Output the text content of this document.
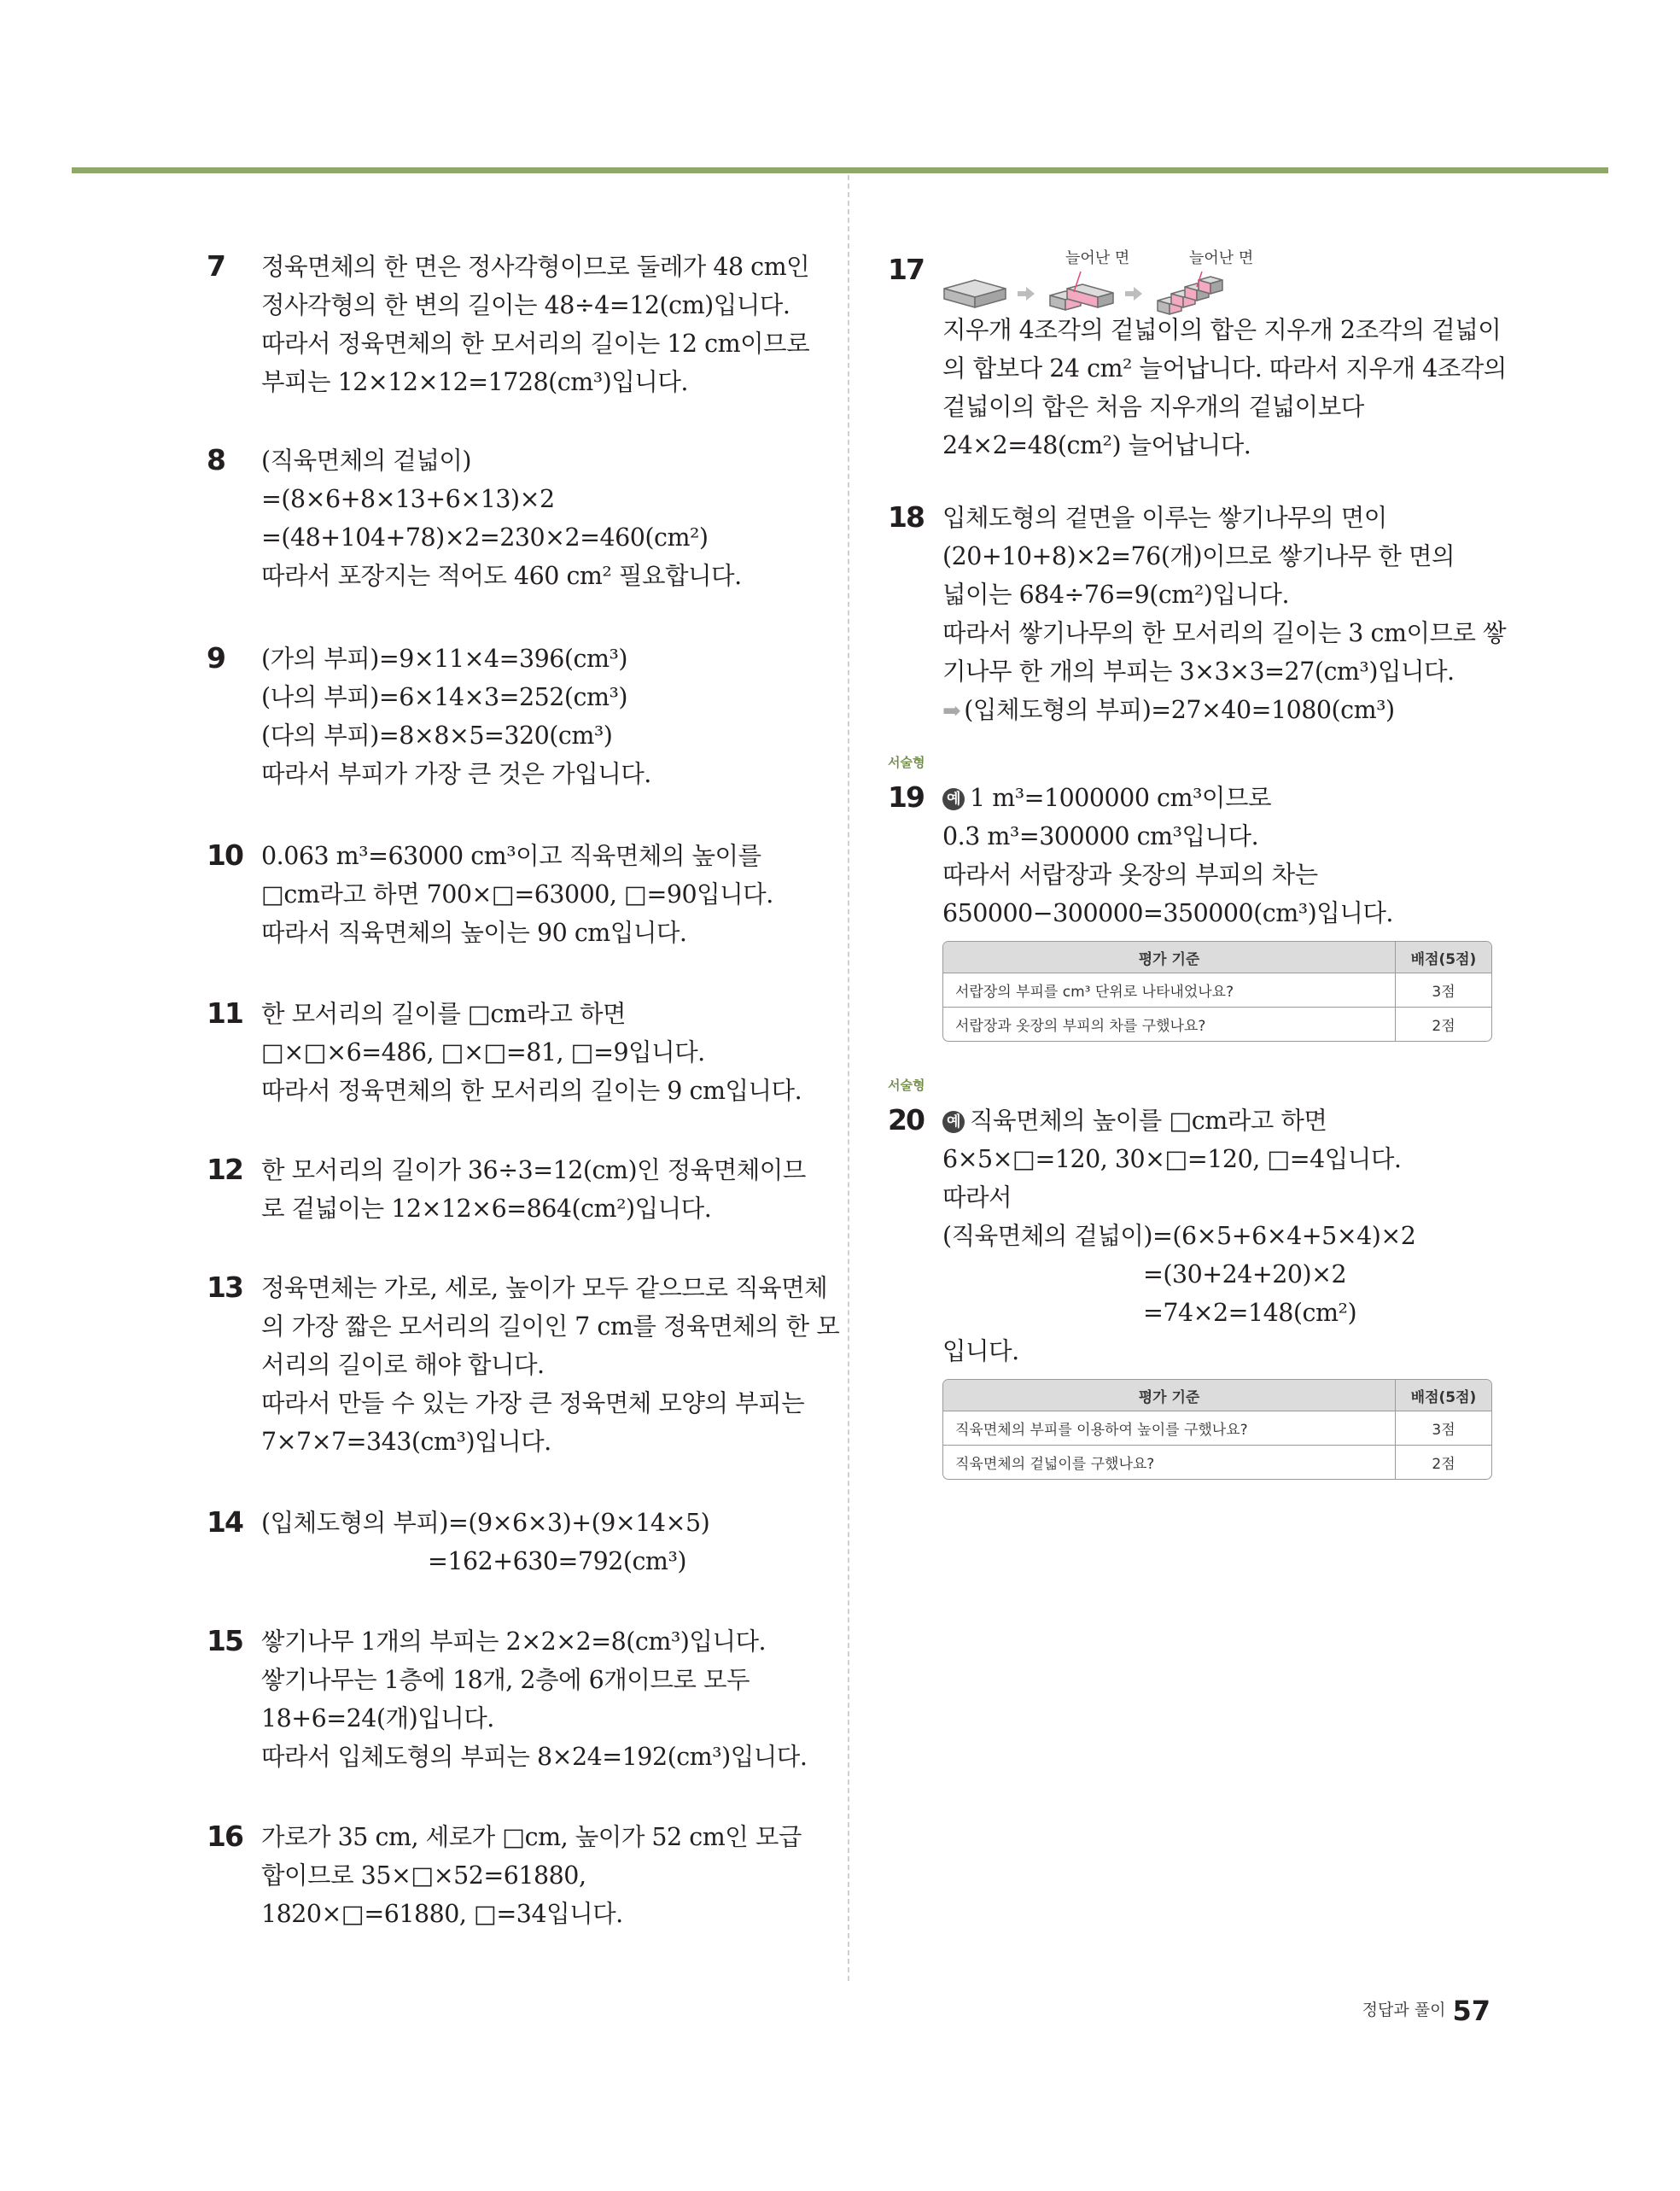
7 정육면체의 한 면은 정사각형이므로 둘레가 48 cm인
정사각형의 한 변의 길이는 48÷4=12(cm)입니다.
따라서 정육면체의 한 모서리의 길이는 12 cm이므로
부피는 12×12×12=1728(cm³)입니다.
8 (직육면체의 겉넓이)
=(8×6+8×13+6×13)×2
=(48+104+78)×2=230×2=460(cm²)
따라서 포장지는 적어도 460 cm² 필요합니다.
9 (가의 부피)=9×11×4=396(cm³)
(나의 부피)=6×14×3=252(cm³)
(다의 부피)=8×8×5=320(cm³)
따라서 부피가 가장 큰 것은 가입니다.
10 0.063 m³=63000 cm³이고 직육면체의 높이를
□cm라고 하면 700×□=63000, □=90입니다.
따라서 직육면체의 높이는 90 cm입니다.
11 한 모서리의 길이를 □cm라고 하면
□×□×6=486, □×□=81, □=9입니다.
따라서 정육면체의 한 모서리의 길이는 9 cm입니다.
12 한 모서리의 길이가 36÷3=12(cm)인 정육면체이므
로 겉넓이는 12×12×6=864(cm²)입니다.
13 정육면체는 가로, 세로, 높이가 모두 같으므로 직육면체
의 가장 짧은 모서리의 길이인 7 cm를 정육면체의 한 모
서리의 길이로 해야 합니다.
따라서 만들 수 있는 가장 큰 정육면체 모양의 부피는
7×7×7=343(cm³)입니다.
14 (입체도형의 부피)=(9×6×3)+(9×14×5)
=162+630=792(cm³)
15 쌓기나무 1개의 부피는 2×2×2=8(cm³)입니다.
쌓기나무는 1층에 18개, 2층에 6개이므로 모두
18+6=24(개)입니다.
따라서 입체도형의 부피는 8×24=192(cm³)입니다.
16 가로가 35 cm, 세로가 □cm, 높이가 52 cm인 모급
합이므로 35×□×52=61880,
1820×□=61880, □=34입니다.
17	늘어난 면	늘어난 면
지우개 4조각의 겉넓이의 합은 지우개 2조각의 겉넓이
의 합보다 24 cm² 늘어납니다. 따라서 지우개 4조각의
겉넓이의 합은 처음 지우개의 겉넓이보다
24×2=48(cm²) 늘어납니다.
18 입체도형의 겉면을 이루는 쌓기나무의 면이
(20+10+8)×2=76(개)이므로 쌓기나무 한 면의
넓이는 684÷76=9(cm²)입니다.
따라서 쌓기나무의 한 모서리의 길이는 3 cm이므로 쌓
기나무 한 개의 부피는 3×3×3=27(cm³)입니다.
➡ (입체도형의 부피)=27×40=1080(cm³)
서술형
19 예 1 m³=1000000 cm³이므로
0.3 m³=300000 cm³입니다.
따라서 서랍장과 옷장의 부피의 차는
650000−300000=350000(cm³)입니다.
평가 기준	배점(5점)
서랍장의 부피를 cm³ 단위로 나타내었나요?	3점
서랍장과 옷장의 부피의 차를 구했나요?	2점
서술형
20 예 직육면체의 높이를 □cm라고 하면
6×5×□=120, 30×□=120, □=4입니다.
따라서
(직육면체의 겉넓이)=(6×5+6×4+5×4)×2
=(30+24+20)×2
=74×2=148(cm²)
입니다.
평가 기준	배점(5점)
직육면체의 부피를 이용하여 높이를 구했나요?	3점
직육면체의 겉넓이를 구했나요?	2점
정답과 풀이 57
